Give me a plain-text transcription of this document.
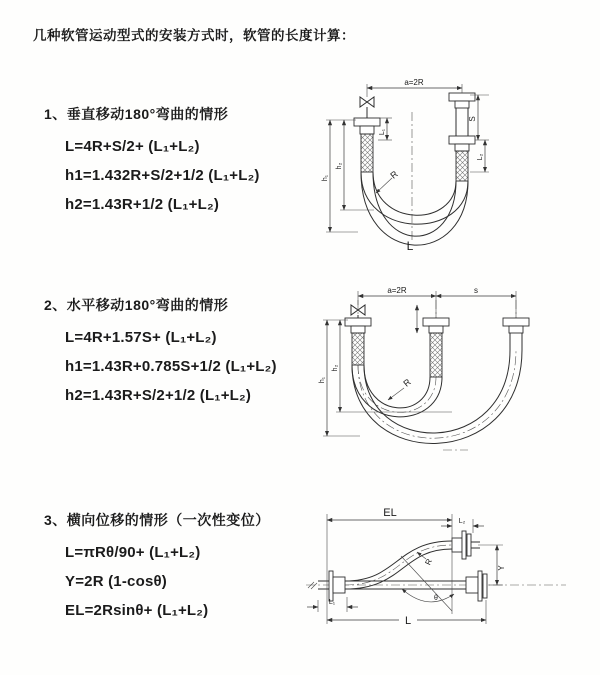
几种软管运动型式的安装方式时，软管的长度计算：
1、垂直移动180°弯曲的情形
L=4R+S/2+ (L₁+L₂)
h1=1.432R+S/2+1/2 (L₁+L₂)
h2=1.43R+1/2 (L₁+L₂)
2、水平移动180°弯曲的情形
L=4R+1.57S+ (L₁+L₂)
h1=1.43R+0.785S+1/2 (L₁+L₂)
h2=1.43R+S/2+1/2 (L₁+L₂)
3、横向位移的情形（一次性变位）
L=πRθ/90+ (L₁+L₂)
Y=2R (1-cosθ)
EL=2Rsinθ+ (L₁+L₂)
a=2R
L₁
S
L₂
h₁
h₂
R
L
a=2R	s
h₁
h₂
R
EL
L₂
Y
R
θ
L
L₁
